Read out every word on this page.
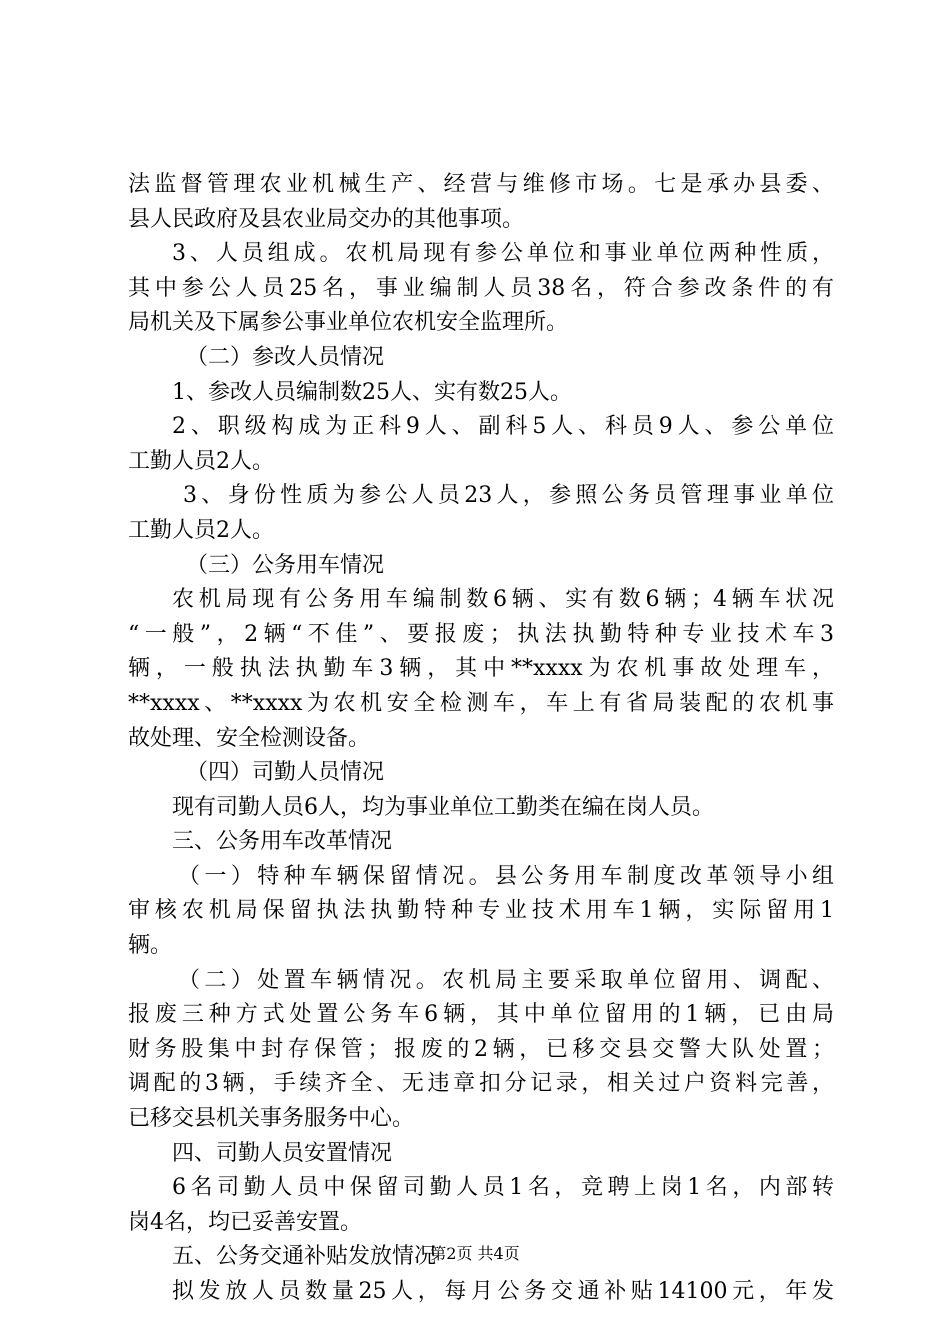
法监督管理农业机械生产、经营与维修市场。七是承办县委、
县人民政府及县农业局交办的其他事项。
3、人员组成。农机局现有参公单位和事业单位两种性质，
其中参公人员25名，事业编制人员38名，符合参改条件的有
局机关及下属参公事业单位农机安全监理所。
（二）参改人员情况
1、参改人员编制数25人、实有数25人。
2、职级构成为正科9人、副科5人、科员9人、参公单位
工勤人员2人。
3、身份性质为参公人员23人，参照公务员管理事业单位
工勤人员2人。
（三）公务用车情况
农机局现有公务用车编制数6辆、实有数6辆；4辆车状况
“一般”，2辆“不佳”、要报废；执法执勤特种专业技术车3
辆，一般执法执勤车3辆，其中**xxxx为农机事故处理车，
**xxxx、**xxxx为农机安全检测车，车上有省局装配的农机事
故处理、安全检测设备。
（四）司勤人员情况
现有司勤人员6人，均为事业单位工勤类在编在岗人员。
三、公务用车改革情况
（一）特种车辆保留情况。县公务用车制度改革领导小组
审核农机局保留执法执勤特种专业技术用车1辆，实际留用1
辆。
（二）处置车辆情况。农机局主要采取单位留用、调配、
报废三种方式处置公务车6辆，其中单位留用的1辆，已由局
财务股集中封存保管；报废的2辆，已移交县交警大队处置；
调配的3辆，手续齐全、无违章扣分记录，相关过户资料完善，
已移交县机关事务服务中心。
四、司勤人员安置情况
6名司勤人员中保留司勤人员1名，竞聘上岗1名，内部转
岗4名，均已妥善安置。
五、公务交通补贴发放情况
拟发放人员数量25人，每月公务交通补贴14100元，年发
第2页 共4页
